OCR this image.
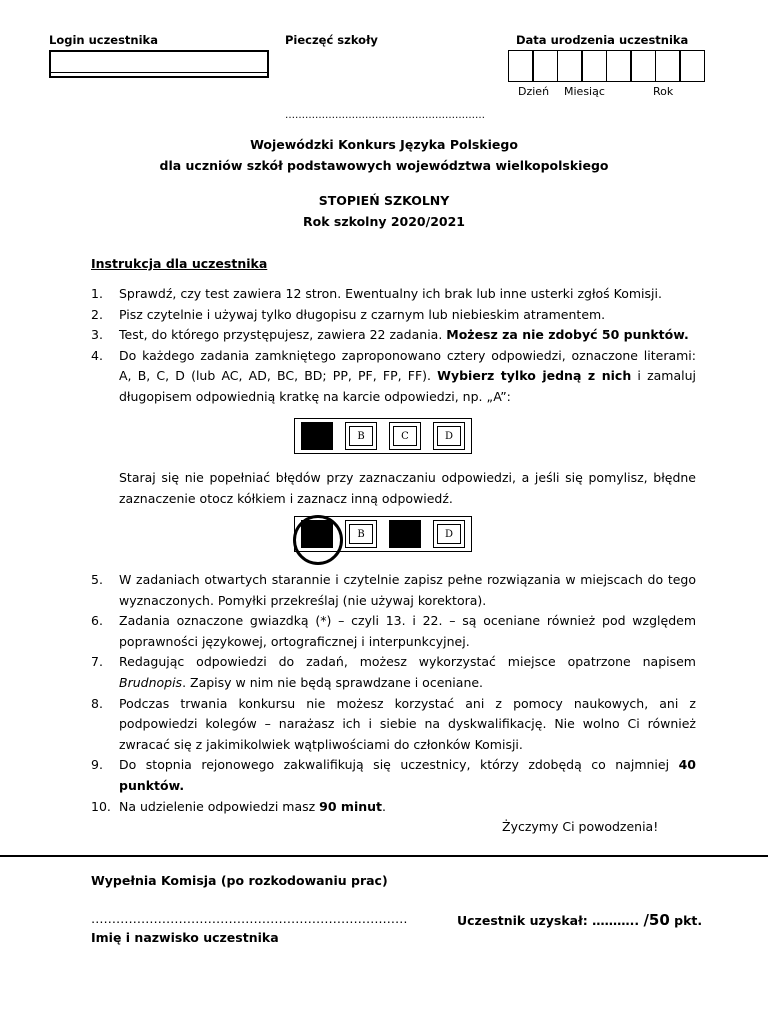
Login uczestnika	Pieczęć szkoły
……………………………………………………
Data urodzenia uczestnika
Dzień Miesiąc	Rok
Wojewódzki Konkurs Języka Polskiego
dla uczniów szkół podstawowych województwa wielkopolskiego
STOPIEŃ SZKOLNY
Rok szkolny 2020/2021
Instrukcja dla uczestnika
1.	Sprawdź, czy test zawiera 12 stron. Ewentualny ich brak lub inne usterki zgłoś Komisji.
2.	Pisz czytelnie i używaj tylko długopisu z czarnym lub niebieskim atramentem.
3.	Test, do którego przystępujesz, zawiera 22 zadania. Możesz za nie zdobyć 50 punktów.
4.	Do każdego zadania zamkniętego zaproponowano cztery odpowiedzi, oznaczone literami: A, B, C, D (lub AC, AD, BC, BD; PP, PF, FP, FF). Wybierz tylko jedną z nich i zamaluj długopisem odpowiednią kratkę na karcie odpowiedzi, np. „A”:
B	C	D
Staraj się nie popełniać błędów przy zaznaczaniu odpowiedzi, a jeśli się pomylisz, błędne zaznaczenie otocz kółkiem i zaznacz inną odpowiedź.
B	D
5.	W zadaniach otwartych starannie i czytelnie zapisz pełne rozwiązania w miejscach do tego wyznaczonych. Pomyłki przekreślaj (nie używaj korektora).
6.	Zadania oznaczone gwiazdką (*) – czyli 13. i 22. – są oceniane również pod względem poprawności językowej, ortograficznej i interpunkcyjnej.
7.	Redagując odpowiedzi do zadań, możesz wykorzystać miejsce opatrzone napisem Brudnopis. Zapisy w nim nie będą sprawdzane i oceniane.
8.	Podczas trwania konkursu nie możesz korzystać ani z pomocy naukowych, ani z podpowiedzi kolegów – narażasz ich i siebie na dyskwalifikację. Nie wolno Ci również zwracać się z jakimikolwiek wątpliwościami do członków Komisji.
9.	Do stopnia rejonowego zakwalifikują się uczestnicy, którzy zdobędą co najmniej 40 punktów.
10. Na udzielenie odpowiedzi masz 90 minut.
Życzymy Ci powodzenia!
Wypełnia Komisja (po rozkodowaniu prac)
…………………………………………………………….……
Imię i nazwisko uczestnika
Uczestnik uzyskał: ……….. /50 pkt.
